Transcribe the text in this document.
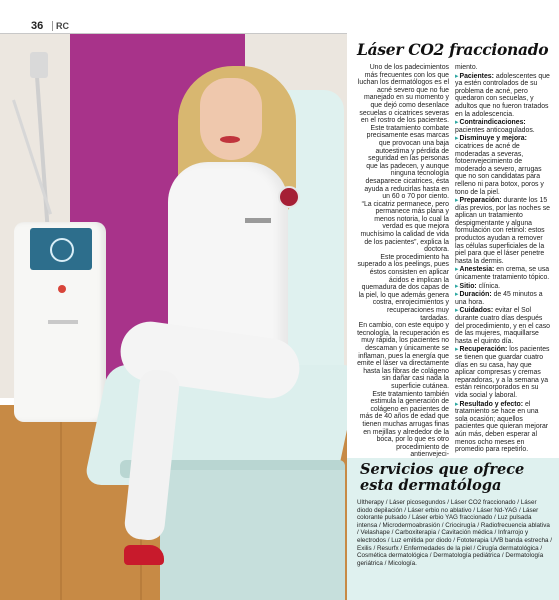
36 RC
Láser CO2 fraccionado

Uno de los padecimientos más frecuentes con los que luchan los dermatólogos es el acné severo que no fue manejado en su momento y que dejó como desenlace secuelas o cicatrices severas en el rostro de los pacientes.

Este tratamiento combate precisamente esas marcas que provocan una baja autoestima y pérdida de seguridad en las personas que las padecen, y aunque ninguna tecnología desaparece cicatrices, ésta ayuda a reducirlas hasta en un 60 o 70 por ciento.

“La cicatriz permanece, pero permanece más plana y menos notoria, lo cual la verdad es que mejora muchísimo la calidad de vida de los pacientes”, explica la doctora.

Este procedimiento ha superado a los peelings, pues éstos consisten en aplicar ácidos e implican la quemadura de dos capas de la piel, lo que además genera costra, enrojecimientos y recuperaciones muy tardadas.

En cambio, con este equipo y tecnología, la recuperación es muy rápida, los pacientes no descaman y únicamente se inflaman, pues la energía que emite el láser va directamente hasta las fibras de colágeno sin dañar casi nada la superficie cutánea.

Este tratamiento también estimula la generación de colágeno en pacientes de más de 40 años de edad que tienen muchas arrugas finas en mejillas y alrededor de la boca, por lo que es otro procedimiento de antienvejeci-

miento.

▸Pacientes: adolescentes que ya estén controlados de su problema de acné, pero quedaron con secuelas, y adultos que no fueron tratados en la adolescencia.

▸Contraindicaciones: pacientes anticoagulados.

▸Disminuye y mejora: cicatrices de acné de moderadas a severas, fotoenvejecimiento de moderado a severo, arrugas que no son candidatas para relleno ni para botox, poros y tono de la piel.

▸Preparación: durante los 15 días previos, por las noches se aplican un tratamiento despigmentante y alguna formulación con retinol: estos productos ayudan a remover las células superficiales de la piel para que el láser penetre hasta la dermis.

▸Anestesia: en crema, se usa únicamente tratamiento tópico.

▸Sitio: clínica.

▸Duración: de 45 minutos a una hora.

▸Cuidados: evitar el Sol durante cuatro días después del procedimiento, y en el caso de las mujeres, maquillarse hasta el quinto día.

▸Recuperación: los pacientes se tienen que guardar cuatro días en su casa, hay que aplicar compresas y cremas reparadoras, y a la semana ya están reincorporados en su vida social y laboral.

▸Resultado y efecto: el tratamiento se hace en una sola ocasión; aquellos pacientes que quieran mejorar aún más, deben esperar al menos ocho meses en promedio para repetirlo.

Servicios que ofrece
esta dermatóloga
Ultherapy / Láser picosegundos / Láser CO2 fraccionado / Láser diodo depilación / Láser erbio no ablativo / Láser Nd-YAG / Láser colorante pulsado / Láser erbio YAG fraccionado / Luz pulsada intensa / Microdermoabrasión / Criocirugía / Radiofrecuencia ablativa / Velashape / Carboxiterapia / Cavitación médica / Infrarrojo y electrodos / Luz emitida por diodo / Fototerapia UVB banda estrecha / Exilis / Resurfx / Enfermedades de la piel / Cirugía dermatológica / Cosmética dermatológica / Dermatología pediátrica / Dermatología geriátrica / Micología.
